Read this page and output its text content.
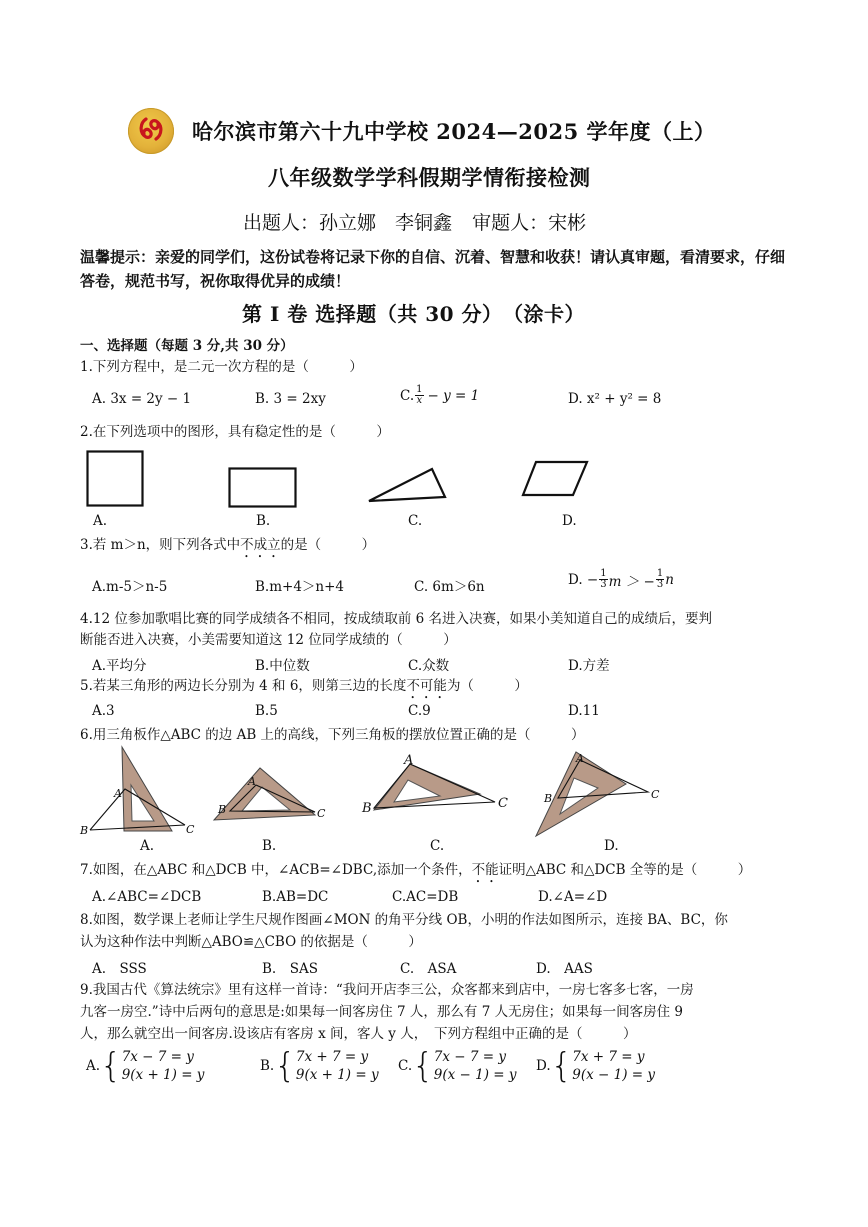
哈尔滨市第六十九中学校 2024—2025 学年度（上）
八年级数学学科假期学情衔接检测
出题人：孙立娜　李铜鑫 审题人：宋彬
温馨提示：亲爱的同学们，这份试卷将记录下你的自信、沉着、智慧和收获！请认真审题，看清要求，仔细答卷，规范书写，祝你取得优异的成绩！
第 I 卷 选择题（共 30 分）　（涂卡）
一、选择题（每题 3 分,共 30 分）
1.下列方程中，是二元一次方程的是（　　　）
A. 3x = 2y − 1	B. 3 = 2xy	C. $\frac{1}{x} - y = 1$	D. x² + y² = 8
2.在下列选项中的图形，具有稳定性的是（　　　）
A.	B.	C.	D.
3.若 m＞n，则下列各式中不成立的是（　　　）
A.m-5＞n-5	B.m+4＞n+4	C. 6m＞6n	D. − $\frac{1}{3}$ m ＞ − $\frac{1}{3}$ n
4.12 位参加歌唱比赛的同学成绩各不相同，按成绩取前 6 名进入决赛，如果小美知道自己的成绩后，要判
断能否进入决赛，小美需要知道这 12 位同学成绩的（　　　）
A.平均分	B.中位数	C.众数	D.方差
5.若某三角形的两边长分别为 4 和 6，则第三边的长度不可能为（　　　）
A.3	B.5	C.9	D.11
6.用三角板作△ABC 的边 AB 上的高线，下列三角板的摆放位置正确的是（　　　）
A
B	C
A
B	C
A
B	C
A
B	C
A.	B.	C.	D.
7.如图，在△ABC 和△DCB 中，∠ACB=∠DBC,添加一个条件，不能证明△ABC 和△DCB 全等的是（　　　）
A.∠ABC=∠DCB	B.AB=DC	C.AC=DB	D.∠A=∠D
8.如图，数学课上老师让学生尺规作图画∠MON 的角平分线 OB，小明的作法如图所示，连接 BA、BC，你
认为这种作法中判断△ABO≌△CBO 的依据是（　　　）
A.　SSS	B.　SAS	C.　ASA	D.　AAS
9.我国古代《算法统宗》里有这样一首诗：“我问开店李三公，众客都来到店中，一房七客多七客，一房
九客一房空.”诗中后两句的意思是:如果每一间客房住 7 人，那么有 7 人无房住；如果每一间客房住 9
人，那么就空出一间客房.设该店有客房 x 间，客人 y 人，　下列方程组中正确的是（　　　）
A. { 7x − 7 = y
9(x + 1) = y
B. { 7x + 7 = y
9(x + 1) = y
C. { 7x − 7 = y
9(x − 1) = y
D. { 7x + 7 = y
9(x − 1) = y
